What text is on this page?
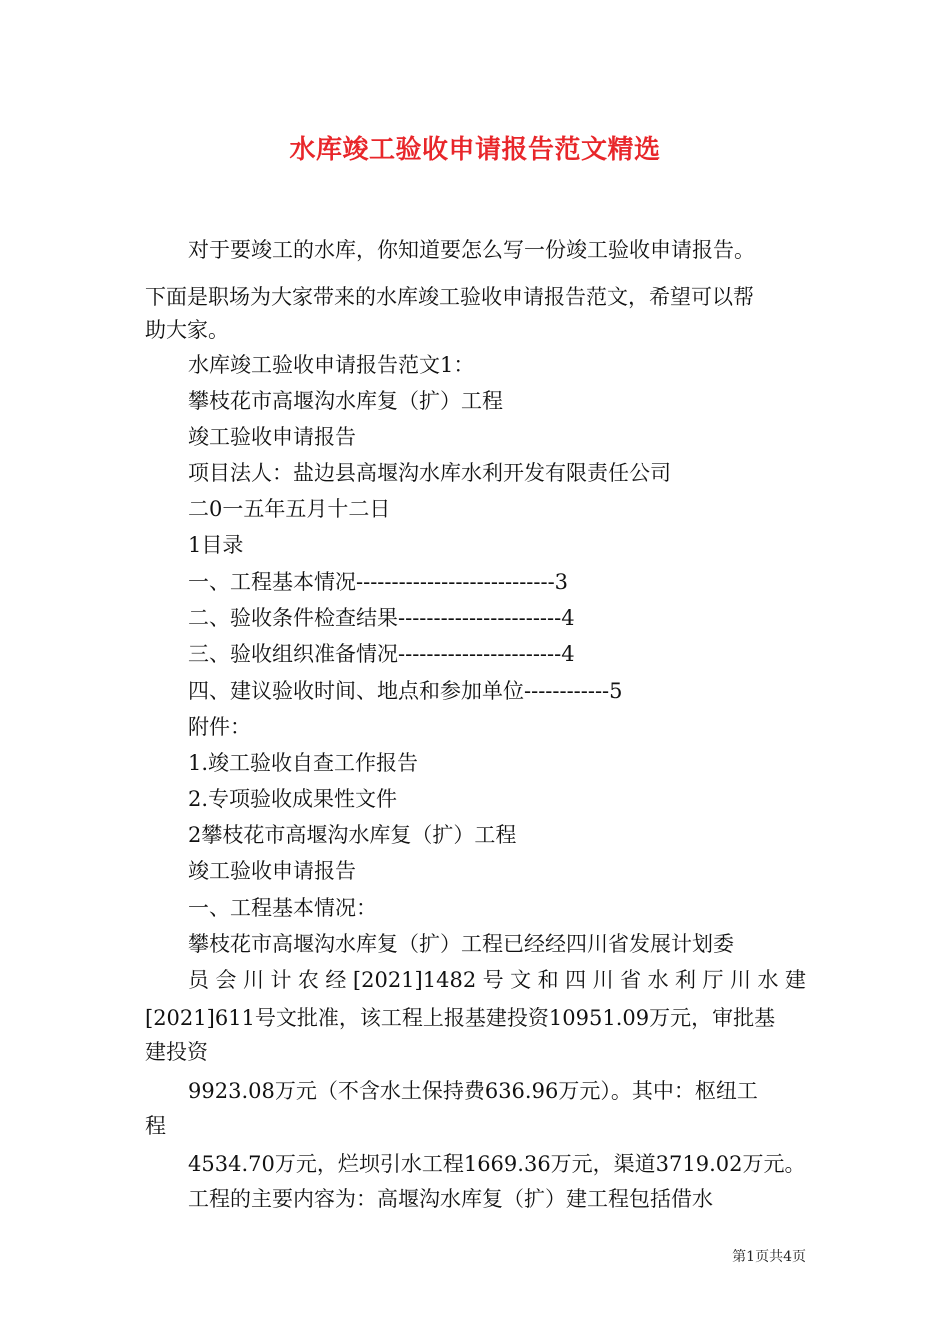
水库竣工验收申请报告范文精选

对于要竣工的水库，你知道要怎么写一份竣工验收申请报告。

下面是职场为大家带来的水库竣工验收申请报告范文，希望可以帮

助大家。

水库竣工验收申请报告范文1：

攀枝花市高堰沟水库复（扩）工程

竣工验收申请报告

项目法人：盐边县高堰沟水库水利开发有限责任公司

二0一五年五月十二日

1目录

一、工程基本情况----------------------------3

二、验收条件检查结果-----------------------4

三、验收组织准备情况-----------------------4

四、建议验收时间、地点和参加单位------------5

附件：

1.竣工验收自查工作报告

2.专项验收成果性文件

2攀枝花市高堰沟水库复（扩）工程

竣工验收申请报告

一、工程基本情况：

攀枝花市高堰沟水库复（扩）工程已经经四川省发展计划委

员会川计农经[2021]1482号文和四川省水利厅川水建

[2021]611号文批准，该工程上报基建投资10951.09万元，审批基

建投资

9923.08万元（不含水土保持费636.96万元）。其中：枢纽工

程

4534.70万元，烂坝引水工程1669.36万元，渠道3719.02万元。

工程的主要内容为：高堰沟水库复（扩）建工程包括借水

第1页共4页
